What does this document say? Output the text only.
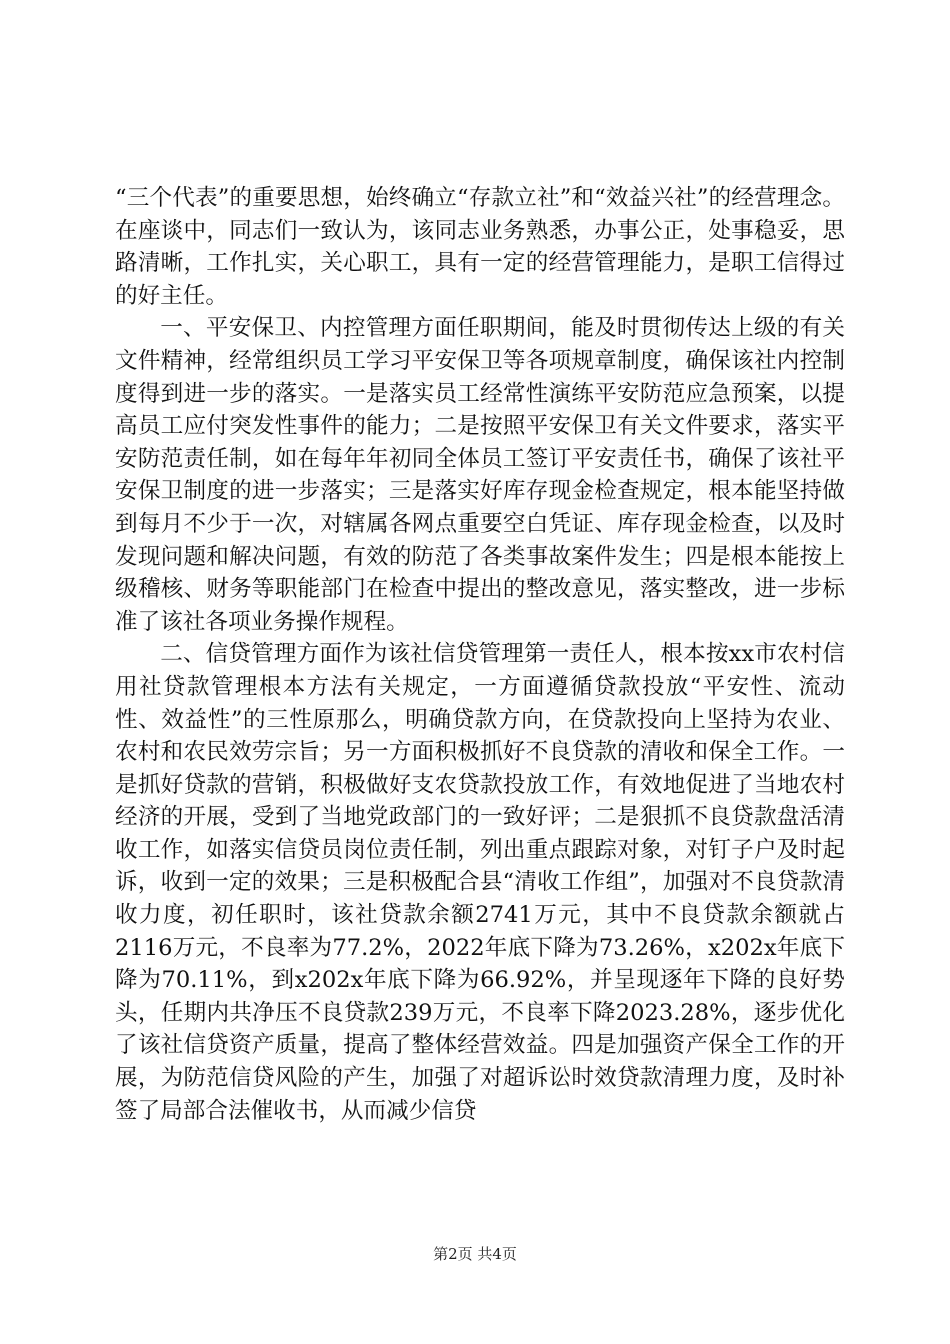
“三个代表”的重要思想，始终确立“存款立社”和“效益兴社”的经营理念。在座谈中，同志们一致认为，该同志业务熟悉，办事公正，处事稳妥，思路清晰，工作扎实，关心职工，具有一定的经营管理能力，是职工信得过的好主任。

一、平安保卫、内控管理方面任职期间，能及时贯彻传达上级的有关文件精神，经常组织员工学习平安保卫等各项规章制度，确保该社内控制度得到进一步的落实。一是落实员工经常性演练平安防范应急预案，以提高员工应付突发性事件的能力；二是按照平安保卫有关文件要求，落实平安防范责任制，如在每年年初同全体员工签订平安责任书，确保了该社平安保卫制度的进一步落实；三是落实好库存现金检查规定，根本能坚持做到每月不少于一次，对辖属各网点重要空白凭证、库存现金检查，以及时发现问题和解决问题，有效的防范了各类事故案件发生；四是根本能按上级稽核、财务等职能部门在检查中提出的整改意见，落实整改，进一步标准了该社各项业务操作规程。

二、信贷管理方面作为该社信贷管理第一责任人，根本按xx市农村信用社贷款管理根本方法有关规定，一方面遵循贷款投放“平安性、流动性、效益性”的三性原那么，明确贷款方向，在贷款投向上坚持为农业、农村和农民效劳宗旨；另一方面积极抓好不良贷款的清收和保全工作。一是抓好贷款的营销，积极做好支农贷款投放工作，有效地促进了当地农村经济的开展，受到了当地党政部门的一致好评；二是狠抓不良贷款盘活清收工作，如落实信贷员岗位责任制，列出重点跟踪对象，对钉子户及时起诉，收到一定的效果；三是积极配合县“清收工作组”，加强对不良贷款清收力度，初任职时，该社贷款余额2741万元，其中不良贷款余额就占2116万元，不良率为77.2%，2022年底下降为73.26%，x202x年底下降为70.11%，到x202x年底下降为66.92%，并呈现逐年下降的良好势头，任期内共净压不良贷款239万元，不良率下降2023.28%，逐步优化了该社信贷资产质量，提高了整体经营效益。四是加强资产保全工作的开展，为防范信贷风险的产生，加强了对超诉讼时效贷款清理力度，及时补签了局部合法催收书，从而减少信贷

第2页 共4页
